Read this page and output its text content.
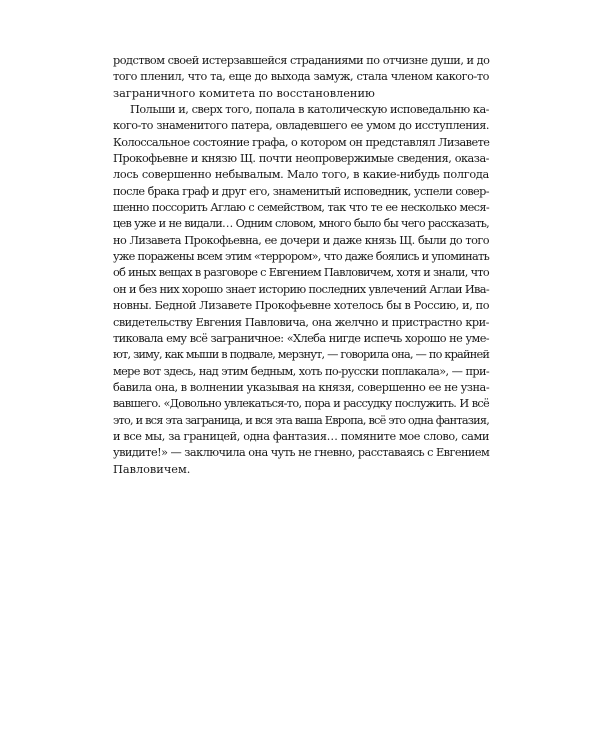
родством своей истерзавшейся страданиями по отчизне души, и до
того пленил, что та, еще до выхода замуж, стала членом какого-то
заграничного комитета по восстановлению
Польши и, сверх того, попала в католическую исповедальню ка-
кого-то знаменитого патера, овладевшего ее умом до исступления.
Колоссальное состояние графа, о котором он представлял Лизавете
Прокофьевне и князю Щ. почти неопровержимые сведения, оказа-
лось совершенно небывалым. Мало того, в какие-нибудь полгода
после брака граф и друг его, знаменитый исповедник, успели совер-
шенно поссорить Аглаю с семейством, так что те ее несколько меся-
цев уже и не видали… Одним словом, много было бы чего рассказать,
но Лизавета Прокофьевна, ее дочери и даже князь Щ. были до того
уже поражены всем этим «террором», что даже боялись и упоминать
об иных вещах в разговоре с Евгением Павловичем, хотя и знали, что
он и без них хорошо знает историю последних увлечений Аглаи Ива-
новны. Бедной Лизавете Прокофьевне хотелось бы в Россию, и, по
свидетельству Евгения Павловича, она желчно и пристрастно кри-
тиковала ему всё заграничное: «Хлеба нигде испечь хорошо не уме-
ют, зиму, как мыши в подвале, мерзнут, — говорила она, — по крайней
мере вот здесь, над этим бедным, хоть по-русски поплакала», — при-
бавила она, в волнении указывая на князя, совершенно ее не узна-
вавшего. «Довольно увлекаться-то, пора и рассудку послужить. И всё
это, и вся эта заграница, и вся эта ваша Европа, всё это одна фантазия,
и все мы, за границей, одна фантазия… помяните мое слово, сами
увидите!» — заключила она чуть не гневно, расставаясь с Евгением
Павловичем.
